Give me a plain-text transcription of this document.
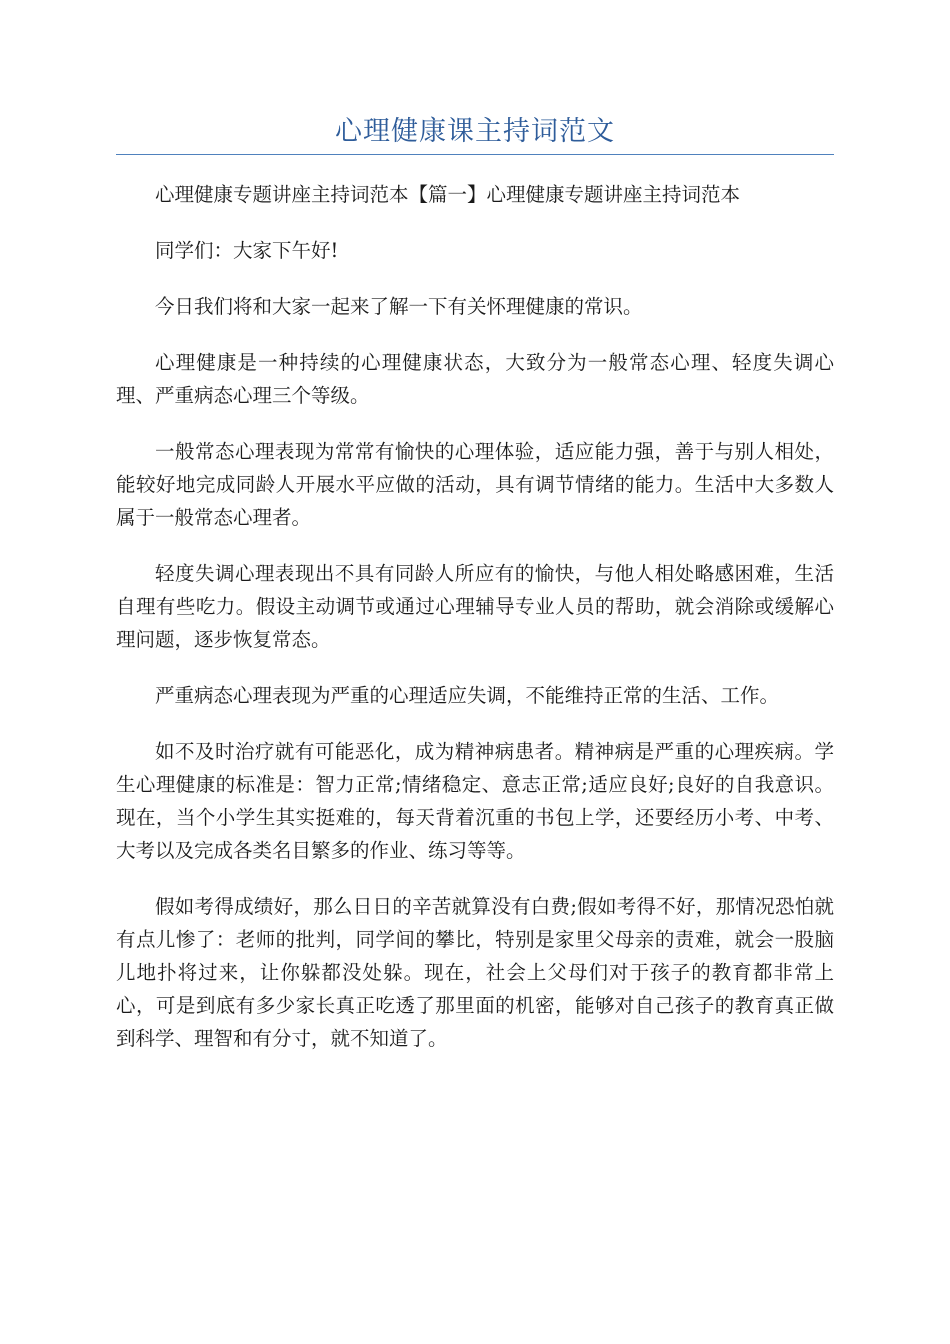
心理健康课主持词范文

心理健康专题讲座主持词范本【篇一】心理健康专题讲座主持词范本

同学们：大家下午好!

今日我们将和大家一起来了解一下有关怀理健康的常识。

心理健康是一种持续的心理健康状态，大致分为一般常态心理、轻度失调心理、严重病态心理三个等级。

一般常态心理表现为常常有愉快的心理体验，适应能力强，善于与别人相处，能较好地完成同龄人开展水平应做的活动，具有调节情绪的能力。生活中大多数人属于一般常态心理者。

轻度失调心理表现出不具有同龄人所应有的愉快，与他人相处略感困难，生活自理有些吃力。假设主动调节或通过心理辅导专业人员的帮助，就会消除或缓解心理问题，逐步恢复常态。

严重病态心理表现为严重的心理适应失调，不能维持正常的生活、工作。

如不及时治疗就有可能恶化，成为精神病患者。精神病是严重的心理疾病。学生心理健康的标准是：智力正常;情绪稳定、意志正常;适应良好;良好的自我意识。现在，当个小学生其实挺难的，每天背着沉重的书包上学，还要经历小考、中考、大考以及完成各类名目繁多的作业、练习等等。

假如考得成绩好，那么日日的辛苦就算没有白费;假如考得不好，那情况恐怕就有点儿惨了：老师的批判，同学间的攀比，特别是家里父母亲的责难，就会一股脑儿地扑将过来，让你躲都没处躲。现在，社会上父母们对于孩子的教育都非常上心，可是到底有多少家长真正吃透了那里面的机密，能够对自己孩子的教育真正做到科学、理智和有分寸，就不知道了。
